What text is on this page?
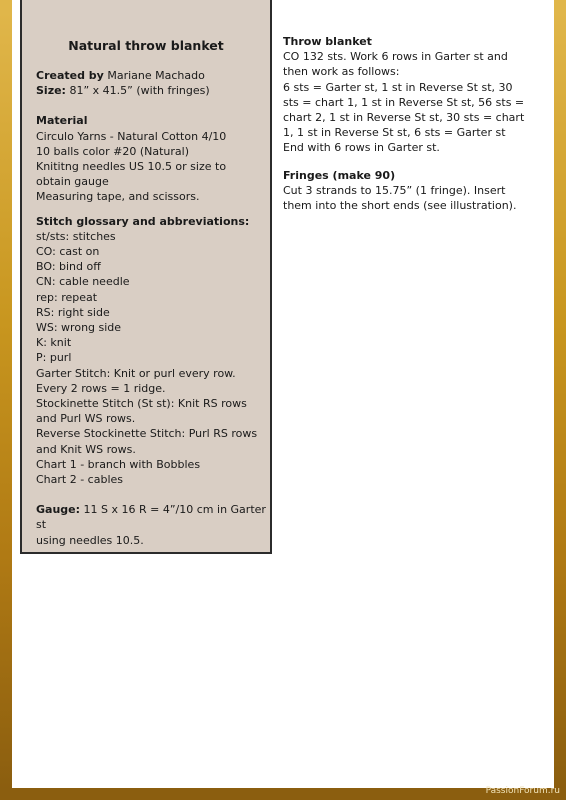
Natural throw blanket
Created by Mariane Machado
Size: 81” x 41.5” (with fringes)
Material
Circulo Yarns - Natural Cotton 4/10
10 balls color #20 (Natural)
Knititng needles US 10.5 or size to
obtain gauge
Measuring tape, and scissors.
Stitch glossary and abbreviations:
st/sts: stitches
CO: cast on
BO: bind off
CN: cable needle
rep: repeat
RS: right side
WS: wrong side
K: knit
P: purl
Garter Stitch: Knit or purl every row.
Every 2 rows = 1 ridge.
Stockinette Stitch (St st): Knit RS rows
and Purl WS rows.
Reverse Stockinette Stitch: Purl RS rows
and Knit WS rows.
Chart 1 - branch with Bobbles
Chart 2 - cables
Gauge: 11 S x 16 R = 4”/10 cm in Garter st
using needles 10.5.
Throw blanket
CO 132 sts. Work 6 rows in Garter st and
then work as follows:
6 sts = Garter st, 1 st in Reverse St st, 30
sts = chart 1, 1 st in Reverse St st, 56 sts =
chart 2, 1 st in Reverse St st, 30 sts = chart
1, 1 st in Reverse St st, 6 sts = Garter st
End with 6 rows in Garter st.
Fringes (make 90)
Cut 3 strands to 15.75” (1 fringe). Insert
them into the short ends (see illustration).
PassionForum.ru
